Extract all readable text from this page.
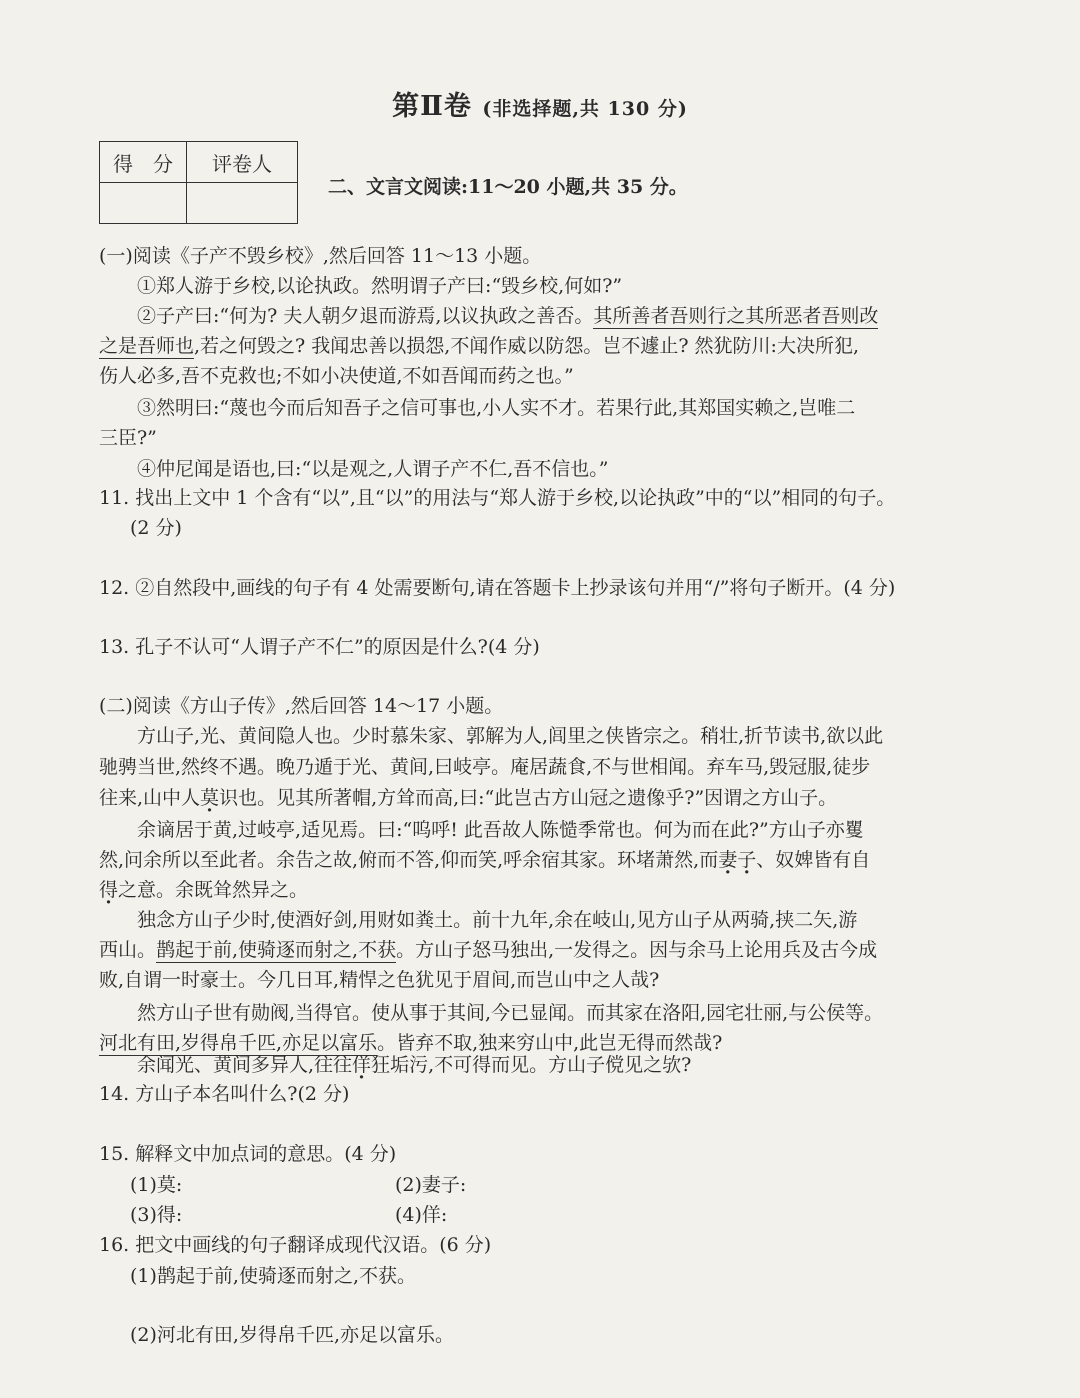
第Ⅱ卷 (非选择题,共 130 分)
得　分	评卷人

二、文言文阅读:11～20 小题,共 35 分。
(一)阅读《子产不毁乡校》,然后回答 11～13 小题。
①郑人游于乡校,以论执政。然明谓子产曰:“毁乡校,何如?”
②子产曰:“何为? 夫人朝夕退而游焉,以议执政之善否。其所善者吾则行之其所恶者吾则改
之是吾师也,若之何毁之? 我闻忠善以损怨,不闻作威以防怨。岂不遽止? 然犹防川:大决所犯,
伤人必多,吾不克救也;不如小决使道,不如吾闻而药之也。”
③然明曰:“蔑也今而后知吾子之信可事也,小人实不才。若果行此,其郑国实赖之,岂唯二
三臣?”
④仲尼闻是语也,曰:“以是观之,人谓子产不仁,吾不信也。”
11. 找出上文中 1 个含有“以”,且“以”的用法与“郑人游于乡校,以论执政”中的“以”相同的句子。
(2 分)
12. ②自然段中,画线的句子有 4 处需要断句,请在答题卡上抄录该句并用“/”将句子断开。(4 分)
13. 孔子不认可“人谓子产不仁”的原因是什么?(4 分)
(二)阅读《方山子传》,然后回答 14～17 小题。
方山子,光、黄间隐人也。少时慕朱家、郭解为人,闾里之侠皆宗之。稍壮,折节读书,欲以此
驰骋当世,然终不遇。晚乃遁于光、黄间,曰岐亭。庵居蔬食,不与世相闻。弃车马,毁冠服,徒步
往来,山中人莫识也。见其所著帽,方耸而高,曰:“此岂古方山冠之遗像乎?”因谓之方山子。
余谪居于黄,过岐亭,适见焉。曰:“呜呼! 此吾故人陈慥季常也。何为而在此?”方山子亦矍
然,问余所以至此者。余告之故,俯而不答,仰而笑,呼余宿其家。环堵萧然,而妻子、奴婢皆有自
得之意。余既耸然异之。
独念方山子少时,使酒好剑,用财如粪土。前十九年,余在岐山,见方山子从两骑,挟二矢,游
西山。鹊起于前,使骑逐而射之,不获。方山子怒马独出,一发得之。因与余马上论用兵及古今成
败,自谓一时豪士。今几日耳,精悍之色犹见于眉间,而岂山中之人哉?
然方山子世有勋阀,当得官。使从事于其间,今已显闻。而其家在洛阳,园宅壮丽,与公侯等。
河北有田,岁得帛千匹,亦足以富乐。皆弃不取,独来穷山中,此岂无得而然哉?
余闻光、黄间多异人,往往佯狂垢污,不可得而见。方山子傥见之欤?
14. 方山子本名叫什么?(2 分)
15. 解释文中加点词的意思。(4 分)
(1)莫:	(2)妻子:
(3)得:	(4)佯:
16. 把文中画线的句子翻译成现代汉语。(6 分)
(1)鹊起于前,使骑逐而射之,不获。
(2)河北有田,岁得帛千匹,亦足以富乐。
